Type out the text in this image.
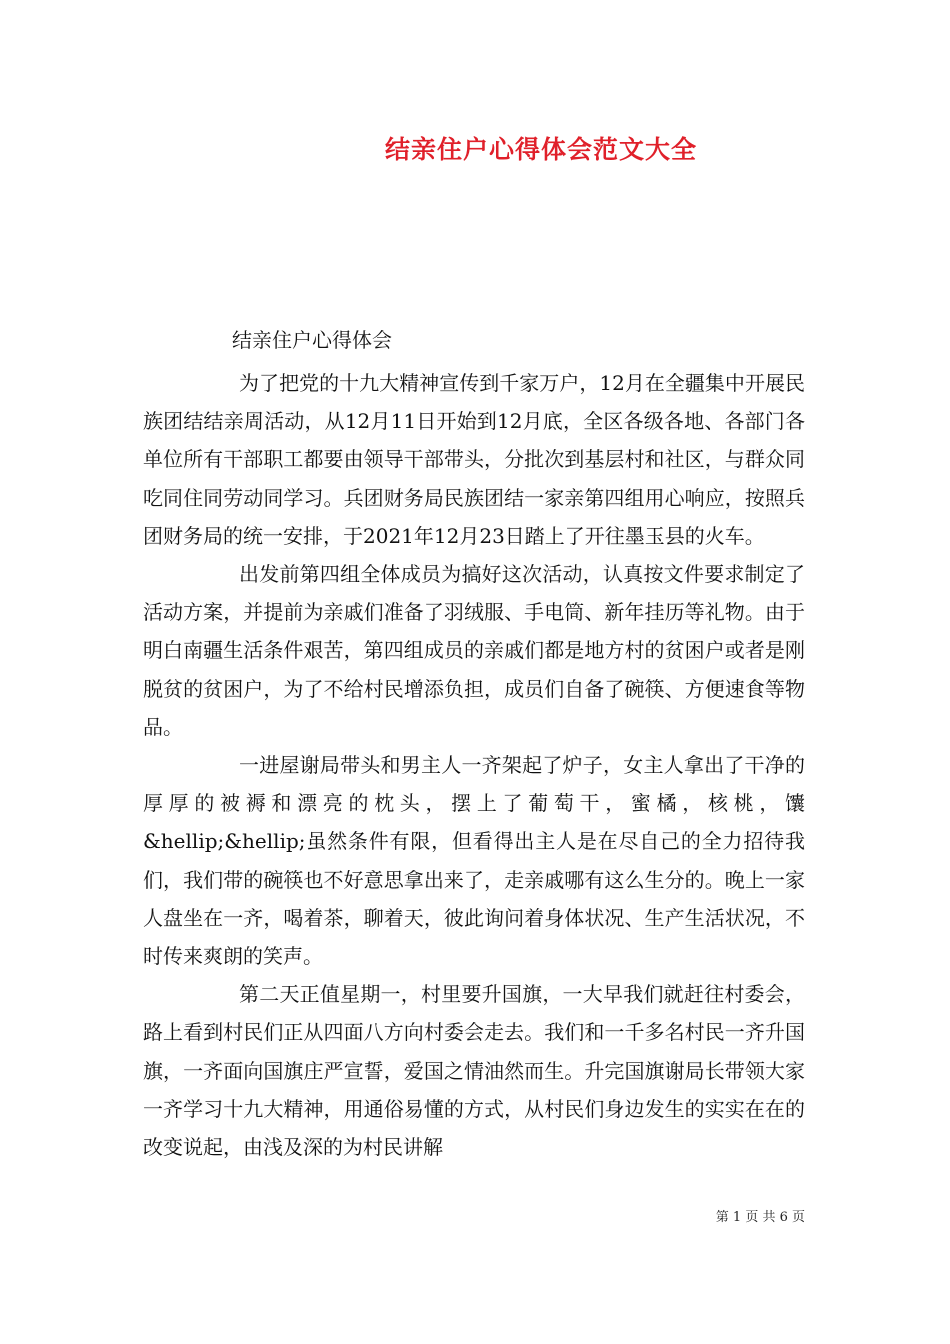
结亲住户心得体会范文大全
结亲住户心得体会

为了把党的十九大精神宣传到千家万户，12月在全疆集中开展民族团结结亲周活动，从12月11日开始到12月底，全区各级各地、各部门各单位所有干部职工都要由领导干部带头，分批次到基层村和社区，与群众同吃同住同劳动同学习。兵团财务局民族团结一家亲第四组用心响应，按照兵团财务局的统一安排，于2021年12月23日踏上了开往墨玉县的火车。

出发前第四组全体成员为搞好这次活动，认真按文件要求制定了活动方案，并提前为亲戚们准备了羽绒服、手电筒、新年挂历等礼物。由于明白南疆生活条件艰苦，第四组成员的亲戚们都是地方村的贫困户或者是刚脱贫的贫困户，为了不给村民增添负担，成员们自备了碗筷、方便速食等物品。

一进屋谢局带头和男主人一齐架起了炉子，女主人拿出了干净的厚厚的被褥和漂亮的枕头，摆上了葡萄干，蜜橘，核桃，馕&hellip;&hellip;虽然条件有限，但看得出主人是在尽自己的全力招待我们，我们带的碗筷也不好意思拿出来了，走亲戚哪有这么生分的。晚上一家人盘坐在一齐，喝着茶，聊着天，彼此询问着身体状况、生产生活状况，不时传来爽朗的笑声。

第二天正值星期一，村里要升国旗，一大早我们就赶往村委会，路上看到村民们正从四面八方向村委会走去。我们和一千多名村民一齐升国旗，一齐面向国旗庄严宣誓，爱国之情油然而生。升完国旗谢局长带领大家一齐学习十九大精神，用通俗易懂的方式，从村民们身边发生的实实在在的改变说起，由浅及深的为村民讲解

第 1 页 共 6 页
